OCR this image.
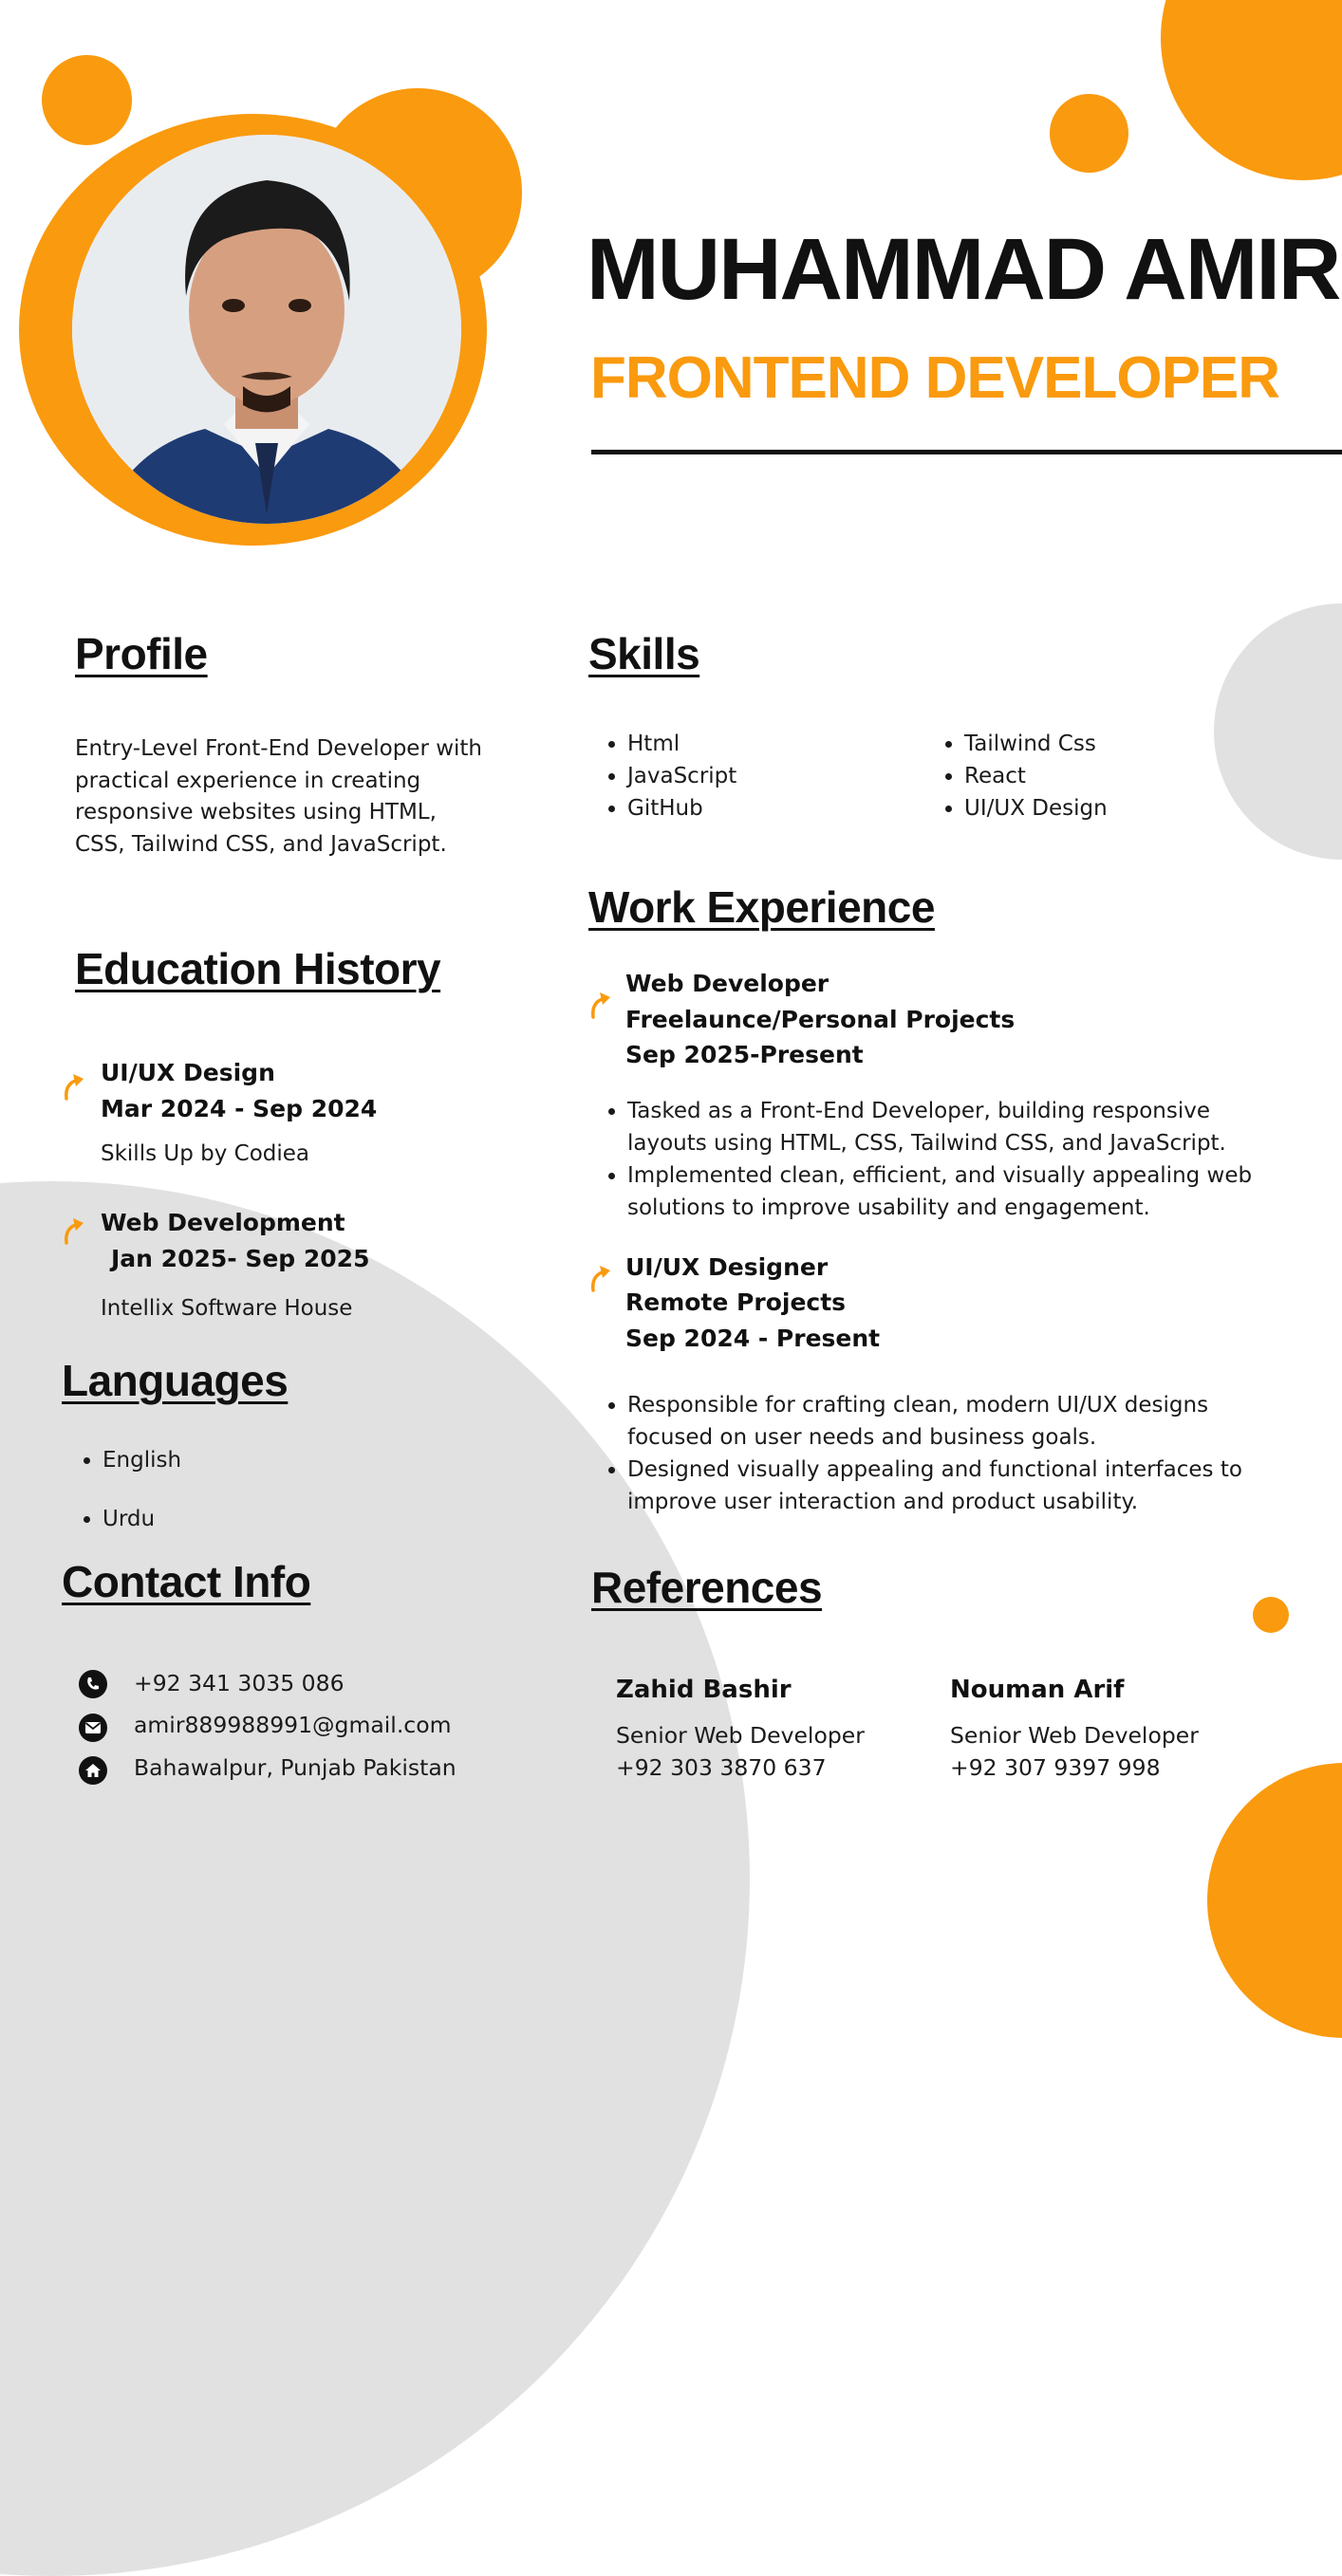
MUHAMMAD AMIR
FRONTEND DEVELOPER
Profile
Entry-Level Front-End Developer with
practical experience in creating
responsive websites using HTML,
CSS, Tailwind CSS, and JavaScript.
Education History
UI/UX Design
Mar 2024 - Sep 2024
Skills Up by Codiea
Web Development
Jan 2025- Sep 2025
Intellix Software House
Languages
• English
• Urdu
Contact Info
+92 341 3035 086
amir889988991@gmail.com
Bahawalpur, Punjab Pakistan
Skills
• Html
• JavaScript
• GitHub
• Tailwind Css
• React
• UI/UX Design
Work Experience
Web Developer
Freelaunce/Personal Projects
Sep 2025-Present
• Tasked as a Front-End Developer, building responsive
layouts using HTML, CSS, Tailwind CSS, and JavaScript.
• Implemented clean, efficient, and visually appealing web
solutions to improve usability and engagement.
UI/UX Designer
Remote Projects
Sep 2024 - Present
• Responsible for crafting clean, modern UI/UX designs
focused on user needs and business goals.
• Designed visually appealing and functional interfaces to
improve user interaction and product usability.
References
Zahid Bashir
Senior Web Developer
+92 303 3870 637
Nouman Arif
Senior Web Developer
+92 307 9397 998
